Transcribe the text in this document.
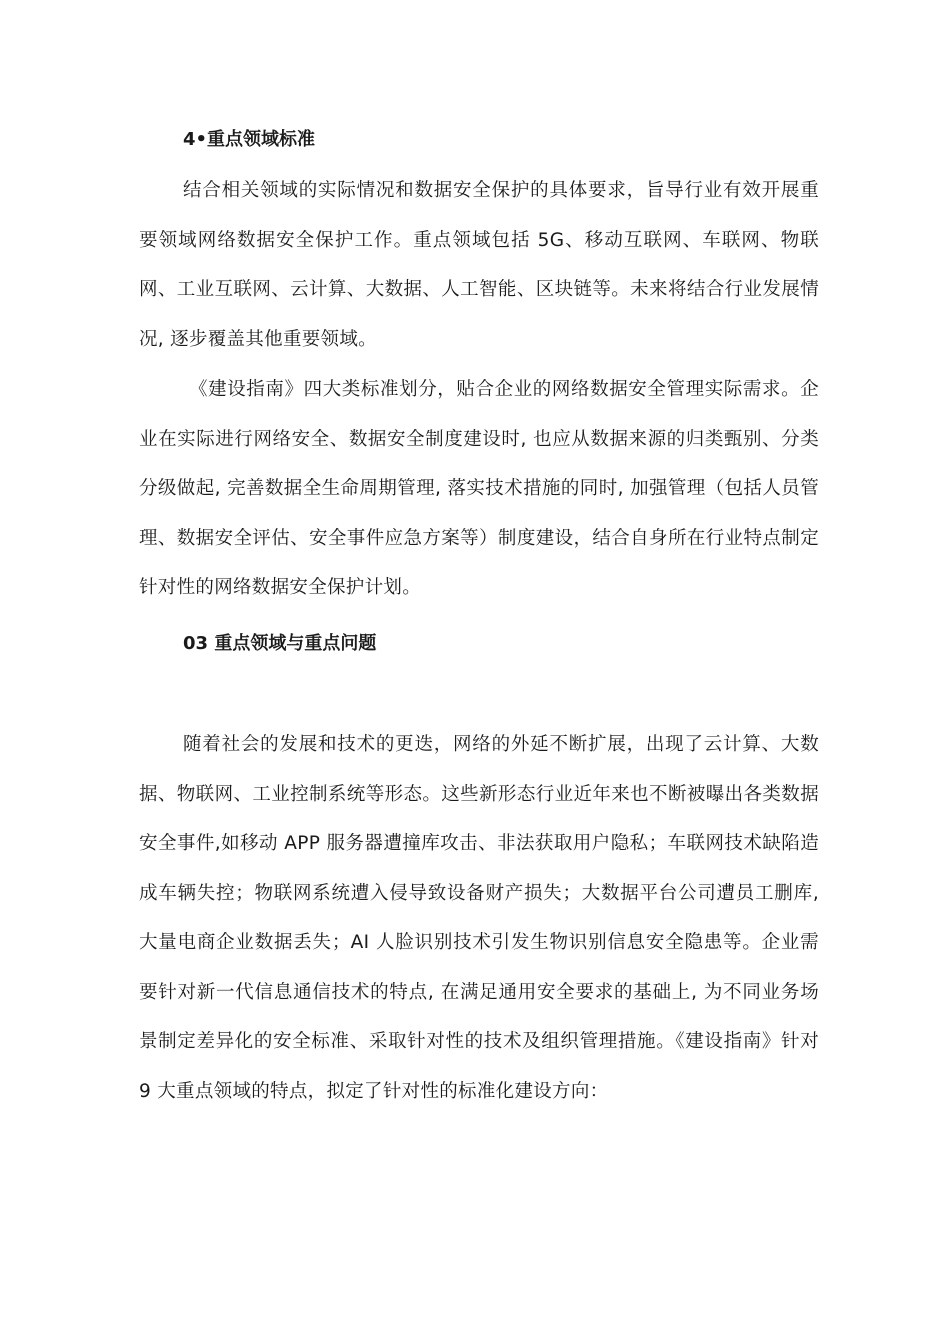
4•重点领域标准
结合相关领域的实际情况和数据安全保护的具体要求，旨导行业有效开展重要领域网络数据安全保护工作。重点领域包括 5G、移动互联网、车联网、物联网、工业互联网、云计算、大数据、人工智能、区块链等。未来将结合行业发展情况, 逐步覆盖其他重要领域。
《建设指南》四大类标准划分，贴合企业的网络数据安全管理实际需求。企业在实际进行网络安全、数据安全制度建设时, 也应从数据来源的归类甄别、分类分级做起, 完善数据全生命周期管理, 落实技术措施的同时, 加强管理（包括人员管理、数据安全评估、安全事件应急方案等）制度建设，结合自身所在行业特点制定针对性的网络数据安全保护计划。
03 重点领域与重点问题
随着社会的发展和技术的更迭，网络的外延不断扩展，出现了云计算、大数据、物联网、工业控制系统等形态。这些新形态行业近年来也不断被曝出各类数据安全事件,如移动 APP 服务器遭撞库攻击、非法获取用户隐私；车联网技术缺陷造成车辆失控；物联网系统遭入侵导致设备财产损失；大数据平台公司遭员工删库, 大量电商企业数据丢失；AI 人脸识别技术引发生物识别信息安全隐患等。企业需要针对新一代信息通信技术的特点, 在满足通用安全要求的基础上, 为不同业务场景制定差异化的安全标准、采取针对性的技术及组织管理措施。《建设指南》针对 9 大重点领域的特点，拟定了针对性的标准化建设方向：
